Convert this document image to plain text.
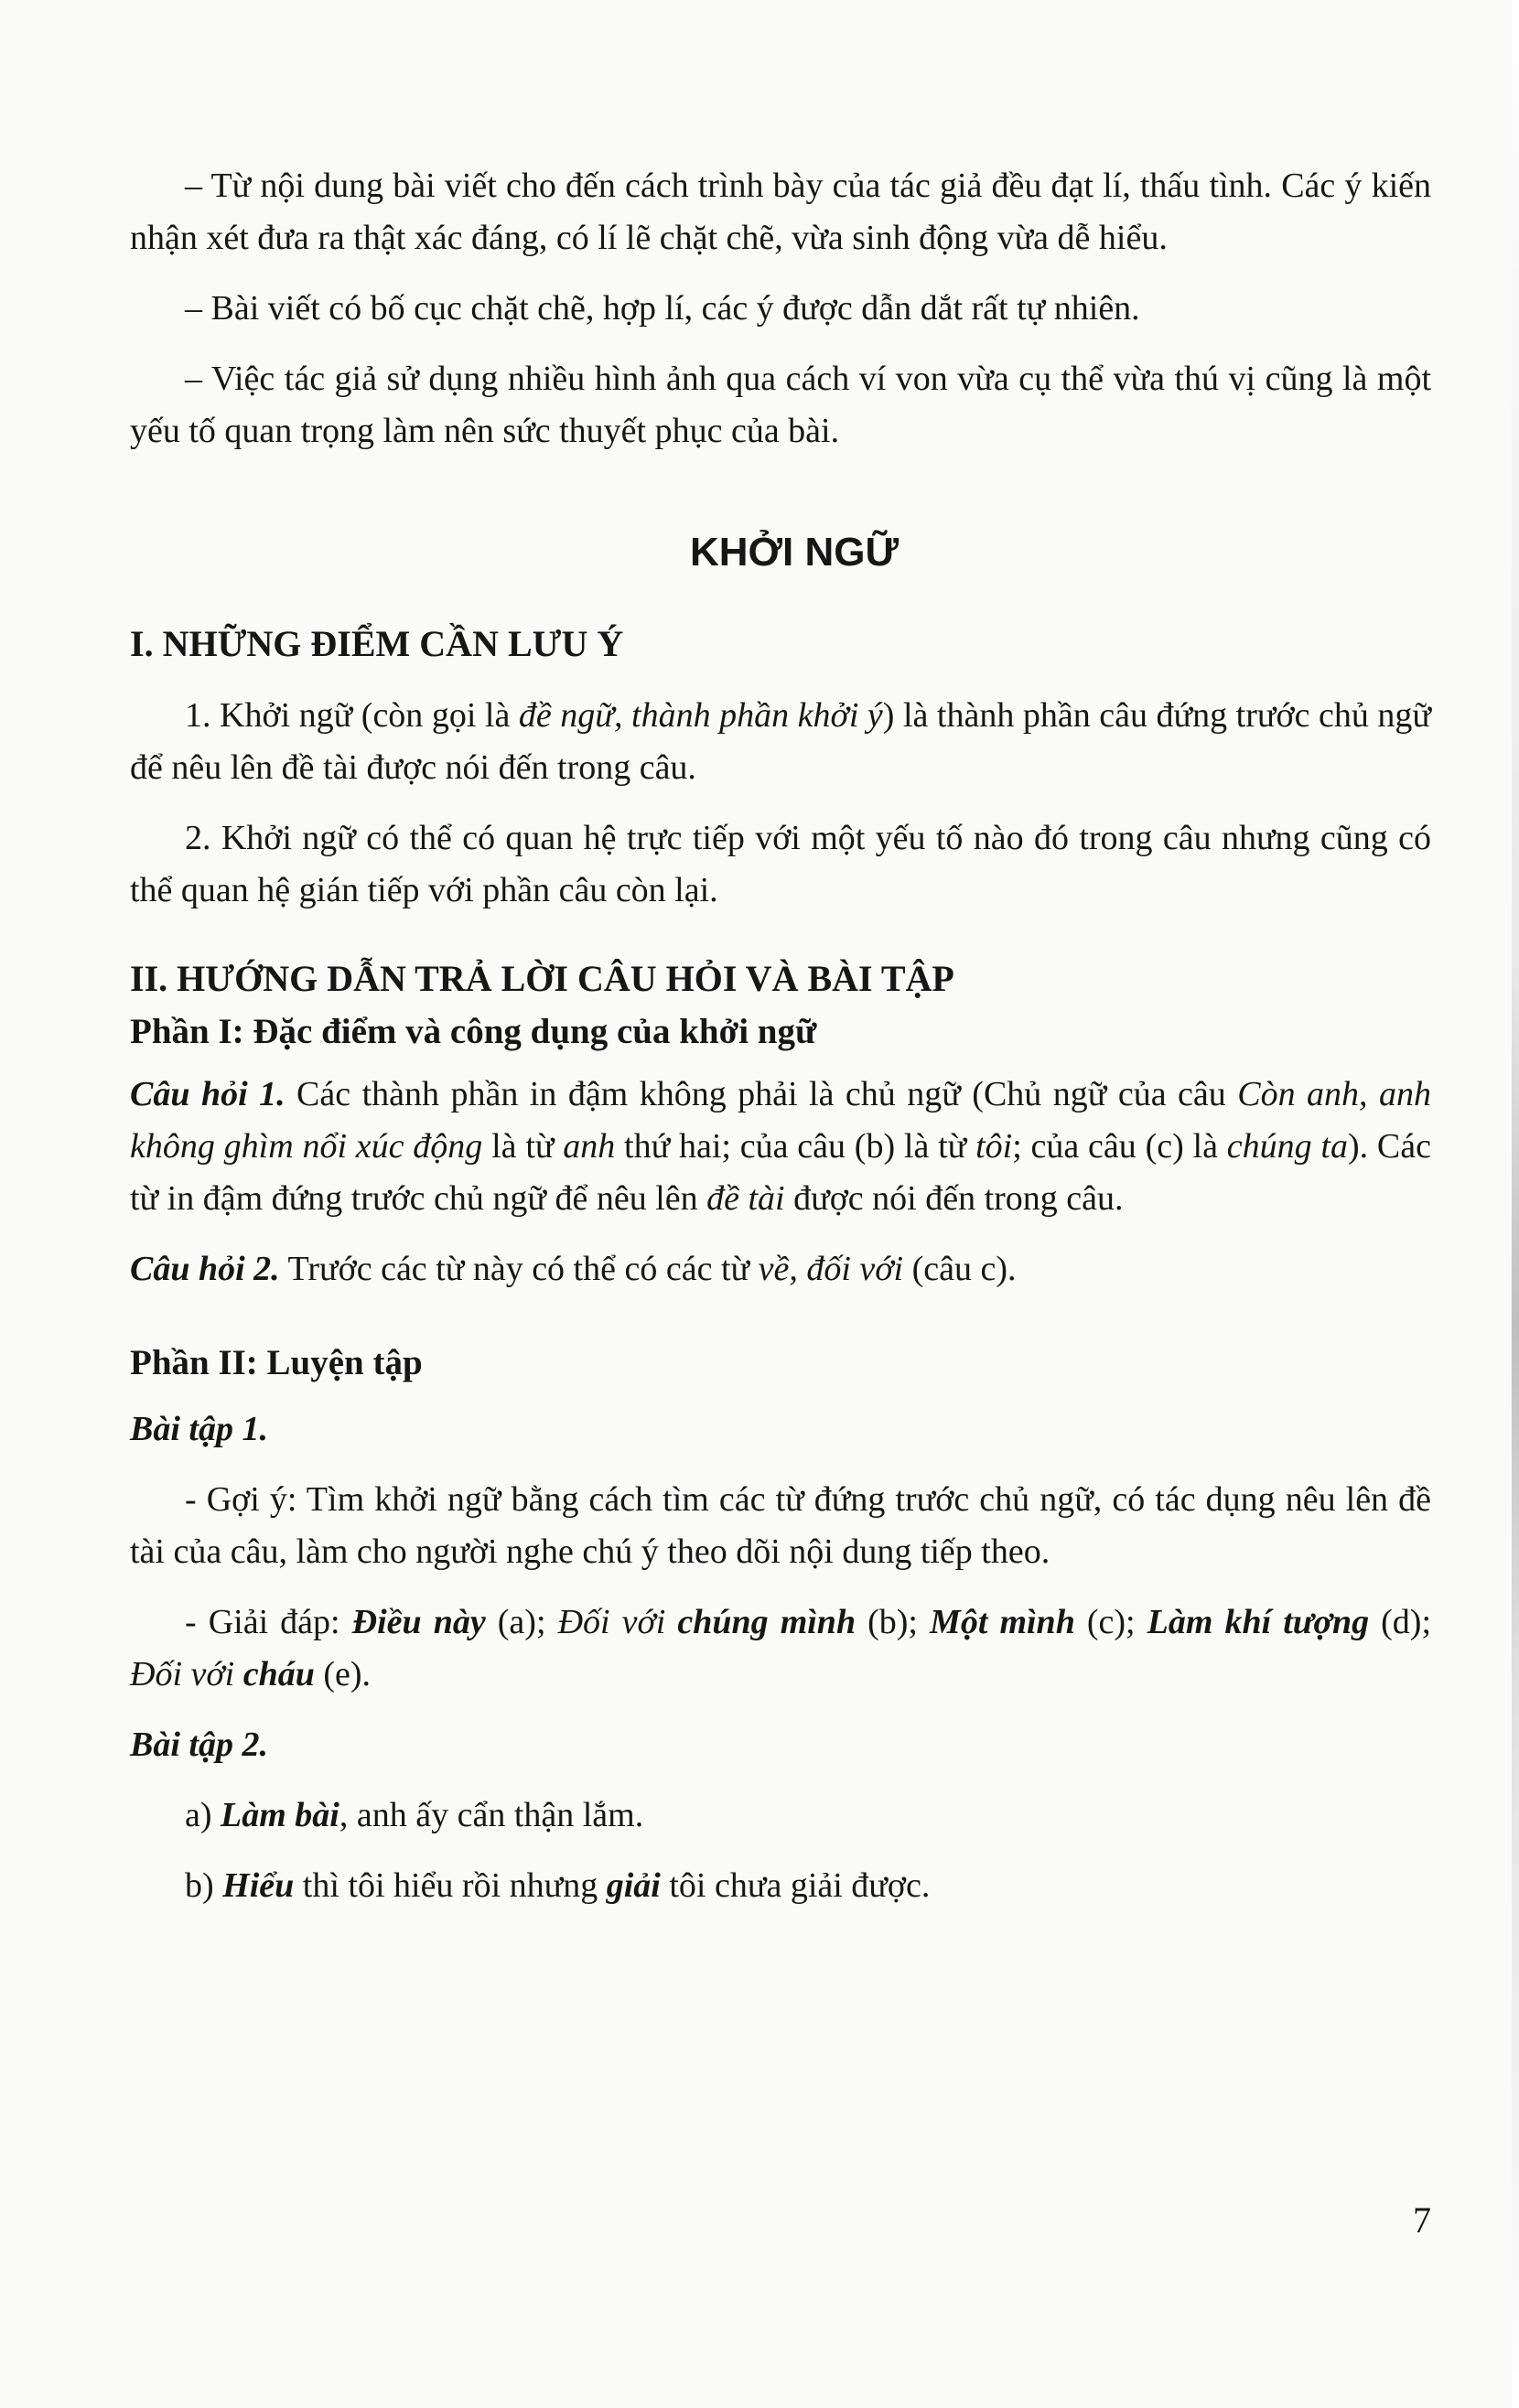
– Từ nội dung bài viết cho đến cách trình bày của tác giả đều đạt lí, thấu tình. Các ý kiến nhận xét đưa ra thật xác đáng, có lí lẽ chặt chẽ, vừa sinh động vừa dễ hiểu.

– Bài viết có bố cục chặt chẽ, hợp lí, các ý được dẫn dắt rất tự nhiên.

– Việc tác giả sử dụng nhiều hình ảnh qua cách ví von vừa cụ thể vừa thú vị cũng là một yếu tố quan trọng làm nên sức thuyết phục của bài.

KHỞI NGỮ
I. NHỮNG ĐIỂM CẦN LƯU Ý

1. Khởi ngữ (còn gọi là đề ngữ, thành phần khởi ý) là thành phần câu đứng trước chủ ngữ để nêu lên đề tài được nói đến trong câu.

2. Khởi ngữ có thể có quan hệ trực tiếp với một yếu tố nào đó trong câu nhưng cũng có thể quan hệ gián tiếp với phần câu còn lại.

II. HƯỚNG DẪN TRẢ LỜI CÂU HỎI VÀ BÀI TẬP
Phần I: Đặc điểm và công dụng của khởi ngữ

Câu hỏi 1. Các thành phần in đậm không phải là chủ ngữ (Chủ ngữ của câu Còn anh, anh không ghìm nổi xúc động là từ anh thứ hai; của câu (b) là từ tôi; của câu (c) là chúng ta). Các từ in đậm đứng trước chủ ngữ để nêu lên đề tài được nói đến trong câu.

Câu hỏi 2. Trước các từ này có thể có các từ về, đối với (câu c).

Phần II: Luyện tập

Bài tập 1.

- Gợi ý: Tìm khởi ngữ bằng cách tìm các từ đứng trước chủ ngữ, có tác dụng nêu lên đề tài của câu, làm cho người nghe chú ý theo dõi nội dung tiếp theo.

- Giải đáp: Điều này (a); Đối với chúng mình (b); Một mình (c); Làm khí tượng (d); Đối với cháu (e).

Bài tập 2.

a) Làm bài, anh ấy cẩn thận lắm.

b) Hiểu thì tôi hiểu rồi nhưng giải tôi chưa giải được.

7
